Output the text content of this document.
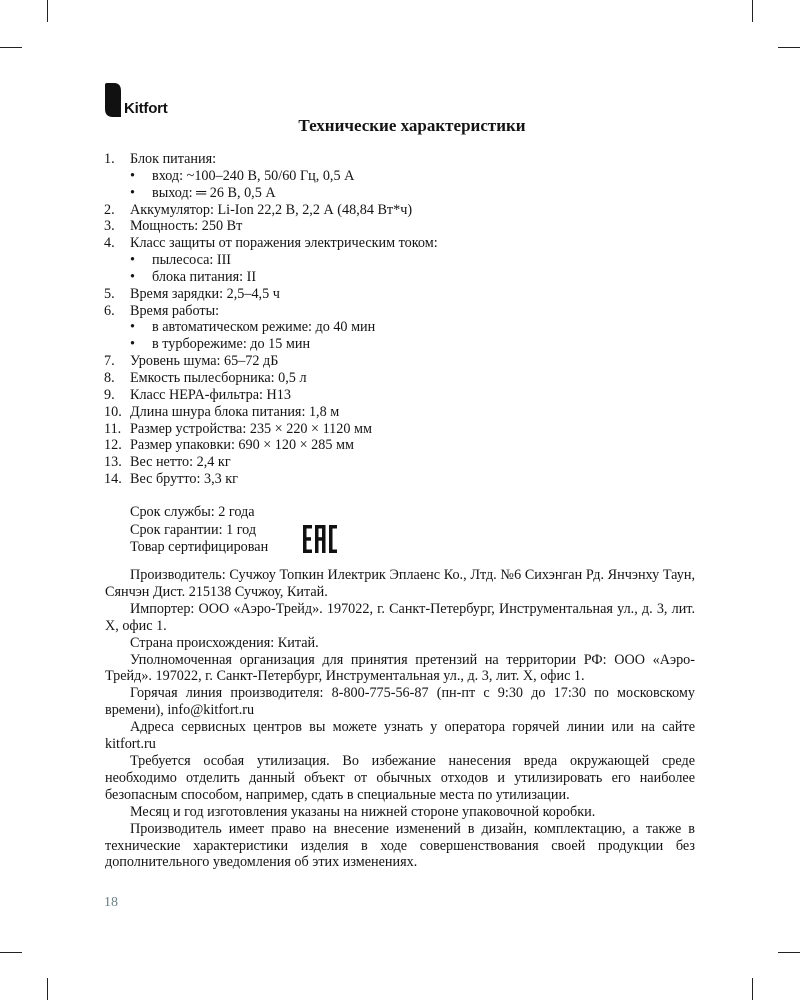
Kitfort
Технические характеристики
1.	Блок питания:
•	вход: ~100–240 В, 50/60 Гц, 0,5 А
•	выход: ═ 26 В, 0,5 А
2.	Аккумулятор: Li-Ion 22,2 В, 2,2 А (48,84 Вт*ч)
3.	Мощность: 250 Вт
4.	Класс защиты от поражения электрическим током:
•	пылесоса: III
•	блока питания: II
5.	Время зарядки: 2,5–4,5 ч
6.	Время работы:
•	в автоматическом режиме: до 40 мин
•	в турборежиме: до 15 мин
7.	Уровень шума: 65–72 дБ
8.	Емкость пылесборника: 0,5 л
9.	Класс HEPA-фильтра: H13
10. Длина шнура блока питания: 1,8 м
11. Размер устройства: 235 × 220 × 1120 мм
12. Размер упаковки: 690 × 120 × 285 мм
13. Вес нетто: 2,4 кг
14. Вес брутто: 3,3 кг
Срок службы: 2 года
Срок гарантии: 1 год
Товар сертифицирован

Производитель: Сучжоу Топкин Илектрик Эплаенс Ко., Лтд. №6 Сихэнган Рд. Янчэнху Таун, Сянчэн Дист. 215138 Сучжоу, Китай.

Импортер: ООО «Аэро-Трейд». 197022, г. Санкт-Петербург, Инструментальная ул., д. 3, лит. Х, офис 1.

Страна происхождения: Китай.

Уполномоченная организация для принятия претензий на территории РФ: ООО «Аэро-Трейд». 197022, г. Санкт-Петербург, Инструментальная ул., д. 3, лит. Х, офис 1.

Горячая линия производителя: 8-800-775-56-87 (пн-пт с 9:30 до 17:30 по московскому времени), info@kitfort.ru

Адреса сервисных центров вы можете узнать у оператора горячей линии или на сайте kitfort.ru

Требуется особая утилизация. Во избежание нанесения вреда окружающей среде необходимо отделить данный объект от обычных отходов и утилизировать его наиболее безопасным способом, например, сдать в специальные места по утилизации.

Месяц и год изготовления указаны на нижней стороне упаковочной коробки.

Производитель имеет право на внесение изменений в дизайн, комплектацию, а также в технические характеристики изделия в ходе совершенствования своей продукции без дополнительного уведомления об этих изменениях.

18
